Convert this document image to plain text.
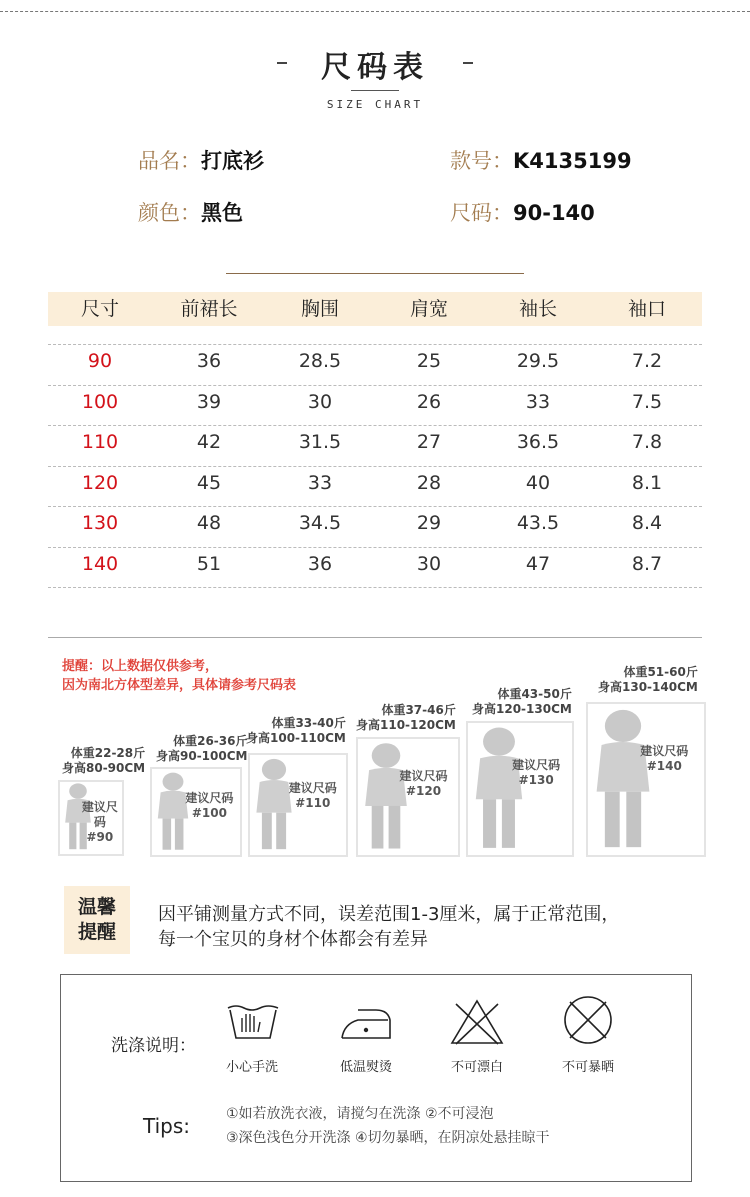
尺码表
SIZE CHART
品名：打底衫	款号：K4135199
颜色：黑色	尺码：90-140
尺寸	前裙长	胸围	肩宽	袖长	袖口
90	36	28.5	25	29.5	7.2
100	39	30	26	33	7.5
110	42	31.5	27	36.5	7.8
120	45	33	28	40	8.1
130	48	34.5	29	43.5	8.4
140	51	36	30	47	8.7
提醒：以上数据仅供参考，
因为南北方体型差异，具体请参考尺码表
体重22-28斤
身高80-90CM
建议尺码
#90
体重26-36斤
身高90-100CM
建议尺码
#100
体重33-40斤
身高100-110CM
建议尺码
#110
体重37-46斤
身高110-120CM
建议尺码
#120
体重43-50斤
身高120-130CM
建议尺码
#130
体重51-60斤
身高130-140CM
建议尺码
#140
温馨
提醒
因平铺测量方式不同，误差范围1-3厘米，属于正常范围，
每一个宝贝的身材个体都会有差异
洗涤说明：
小心手洗	低温熨烫	不可漂白	不可暴晒
Tips:	①如若放洗衣液，请搅匀在洗涤 ②不可浸泡
③深色浅色分开洗涤 ④切勿暴晒，在阴凉处悬挂晾干
